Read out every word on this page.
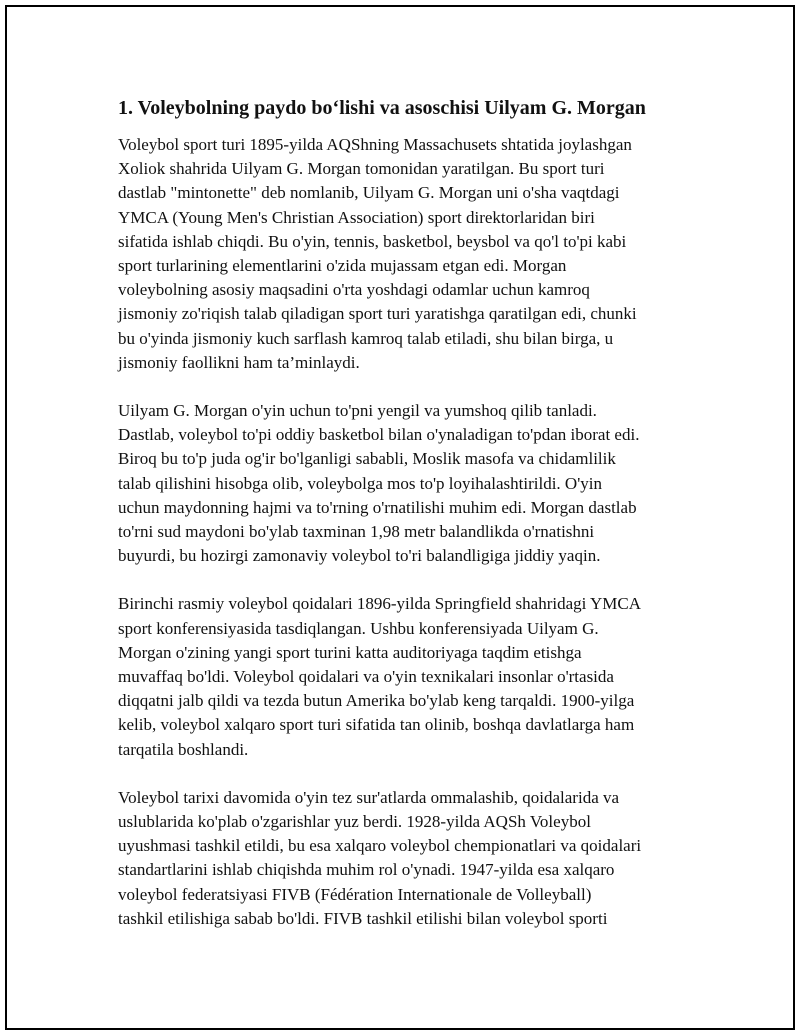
1. Voleybolning paydo bo‘lishi va asoschisi Uilyam G. Morgan

Voleybol sport turi 1895-yilda AQShning Massachusets shtatida joylashgan
Xoliok shahrida Uilyam G. Morgan tomonidan yaratilgan. Bu sport turi
dastlab "mintonette" deb nomlanib, Uilyam G. Morgan uni o'sha vaqtdagi
YMCA (Young Men's Christian Association) sport direktorlaridan biri
sifatida ishlab chiqdi. Bu o'yin, tennis, basketbol, beysbol va qo'l to'pi kabi
sport turlarining elementlarini o'zida mujassam etgan edi. Morgan
voleybolning asosiy maqsadini o'rta yoshdagi odamlar uchun kamroq
jismoniy zo'riqish talab qiladigan sport turi yaratishga qaratilgan edi, chunki
bu o'yinda jismoniy kuch sarflash kamroq talab etiladi, shu bilan birga, u
jismoniy faollikni ham ta’minlaydi.

Uilyam G. Morgan o'yin uchun to'pni yengil va yumshoq qilib tanladi.
Dastlab, voleybol to'pi oddiy basketbol bilan o'ynaladigan to'pdan iborat edi.
Biroq bu to'p juda og'ir bo'lganligi sababli, Moslik masofa va chidamlilik
talab qilishini hisobga olib, voleybolga mos to'p loyihalashtirildi. O'yin
uchun maydonning hajmi va to'rning o'rnatilishi muhim edi. Morgan dastlab
to'rni sud maydoni bo'ylab taxminan 1,98 metr balandlikda o'rnatishni
buyurdi, bu hozirgi zamonaviy voleybol to'ri balandligiga jiddiy yaqin.

Birinchi rasmiy voleybol qoidalari 1896-yilda Springfield shahridagi YMCA
sport konferensiyasida tasdiqlangan. Ushbu konferensiyada Uilyam G.
Morgan o'zining yangi sport turini katta auditoriyaga taqdim etishga
muvaffaq bo'ldi. Voleybol qoidalari va o'yin texnikalari insonlar o'rtasida
diqqatni jalb qildi va tezda butun Amerika bo'ylab keng tarqaldi. 1900-yilga
kelib, voleybol xalqaro sport turi sifatida tan olinib, boshqa davlatlarga ham
tarqatila boshlandi.

Voleybol tarixi davomida o'yin tez sur'atlarda ommalashib, qoidalarida va
uslublarida ko'plab o'zgarishlar yuz berdi. 1928-yilda AQSh Voleybol
uyushmasi tashkil etildi, bu esa xalqaro voleybol chempionatlari va qoidalari
standartlarini ishlab chiqishda muhim rol o'ynadi. 1947-yilda esa xalqaro
voleybol federatsiyasi FIVB (Fédération Internationale de Volleyball)
tashkil etilishiga sabab bo'ldi. FIVB tashkil etilishi bilan voleybol sporti
